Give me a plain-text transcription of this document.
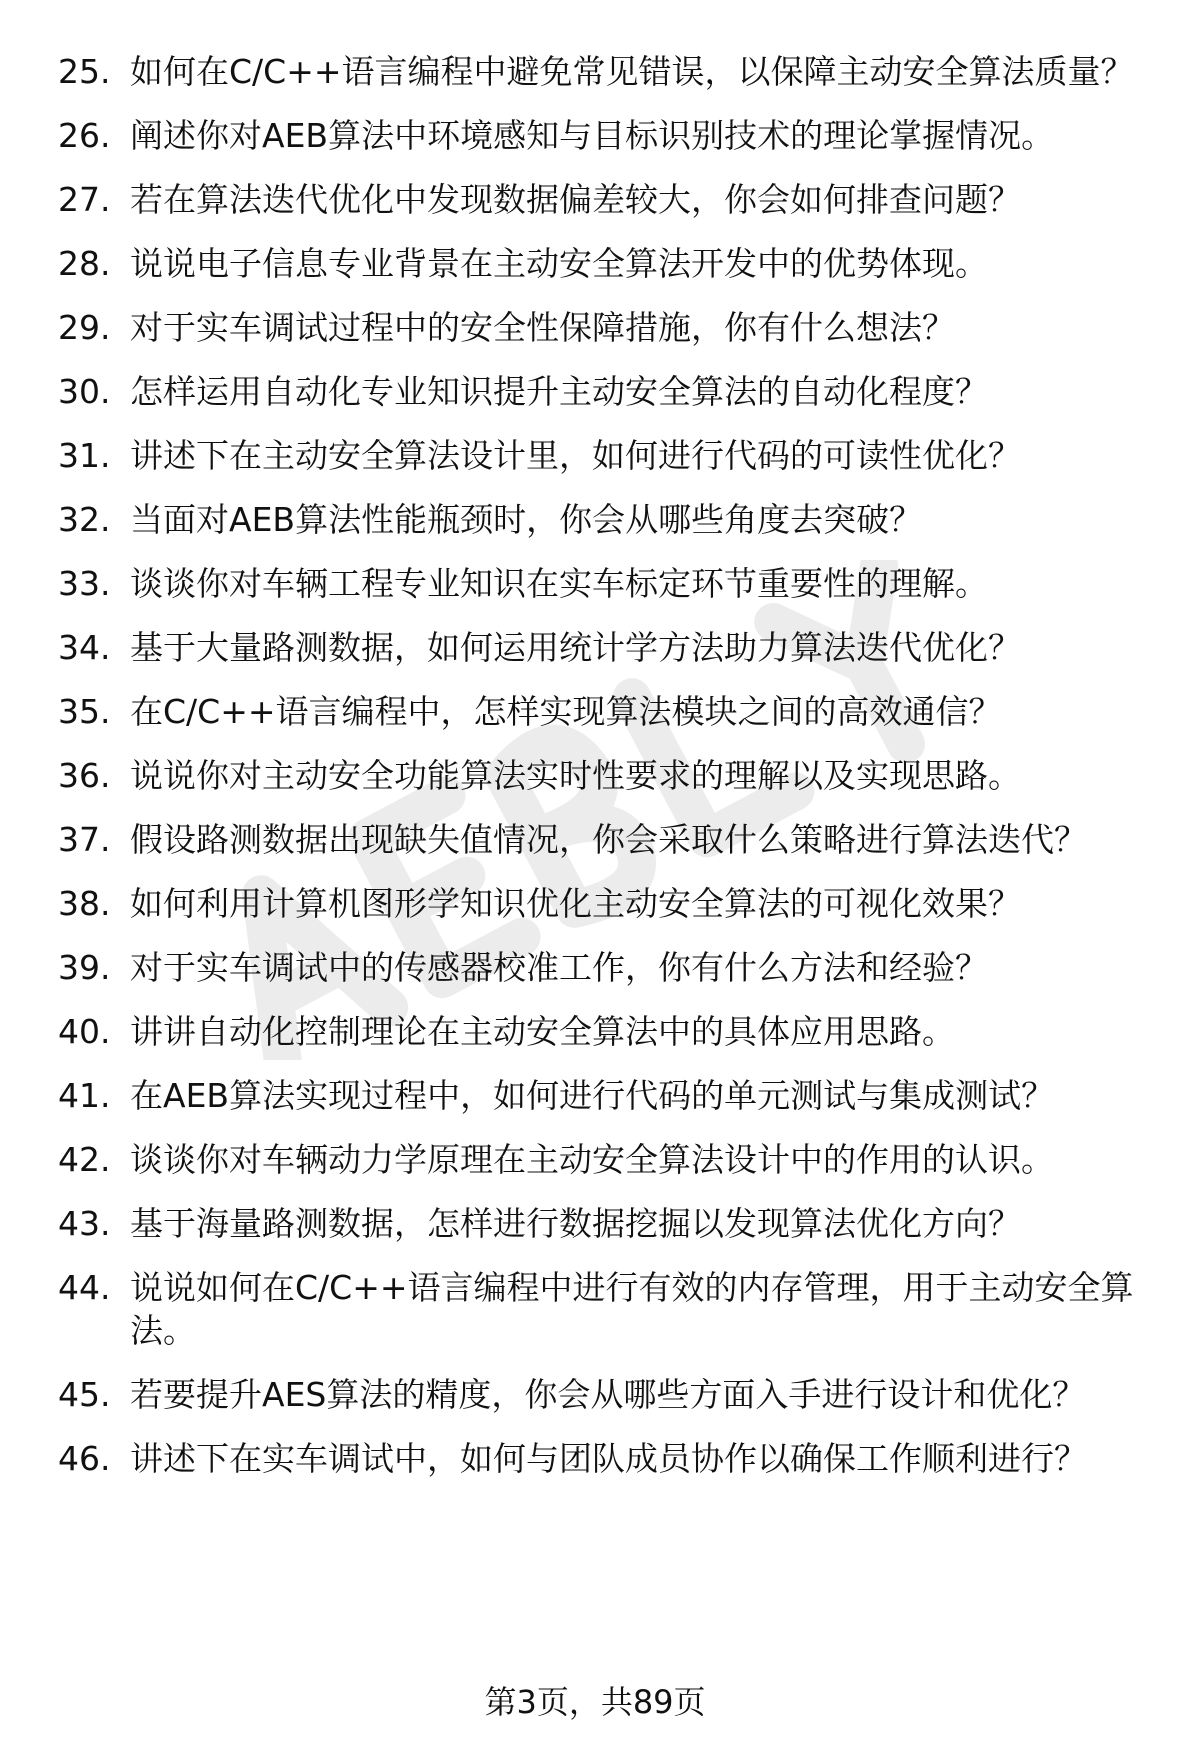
25. 如何在C/C++语言编程中避免常见错误，以保障主动安全算法质量？
26. 阐述你对AEB算法中环境感知与目标识别技术的理论掌握情况。
27. 若在算法迭代优化中发现数据偏差较大，你会如何排查问题？
28. 说说电子信息专业背景在主动安全算法开发中的优势体现。
29. 对于实车调试过程中的安全性保障措施，你有什么想法？
30. 怎样运用自动化专业知识提升主动安全算法的自动化程度？
31. 讲述下在主动安全算法设计里，如何进行代码的可读性优化？
32. 当面对AEB算法性能瓶颈时，你会从哪些角度去突破？
33. 谈谈你对车辆工程专业知识在实车标定环节重要性的理解。
34. 基于大量路测数据，如何运用统计学方法助力算法迭代优化？
35. 在C/C++语言编程中，怎样实现算法模块之间的高效通信？
36. 说说你对主动安全功能算法实时性要求的理解以及实现思路。
37. 假设路测数据出现缺失值情况，你会采取什么策略进行算法迭代？
38. 如何利用计算机图形学知识优化主动安全算法的可视化效果？
39. 对于实车调试中的传感器校准工作，你有什么方法和经验？
40. 讲讲自动化控制理论在主动安全算法中的具体应用思路。
41. 在AEB算法实现过程中，如何进行代码的单元测试与集成测试？
42. 谈谈你对车辆动力学原理在主动安全算法设计中的作用的认识。
43. 基于海量路测数据，怎样进行数据挖掘以发现算法优化方向？
44. 说说如何在C/C++语言编程中进行有效的内存管理，用于主动安全算法。
45. 若要提升AES算法的精度，你会从哪些方面入手进行设计和优化？
46. 讲述下在实车调试中，如何与团队成员协作以确保工作顺利进行？
第3页，共89页
